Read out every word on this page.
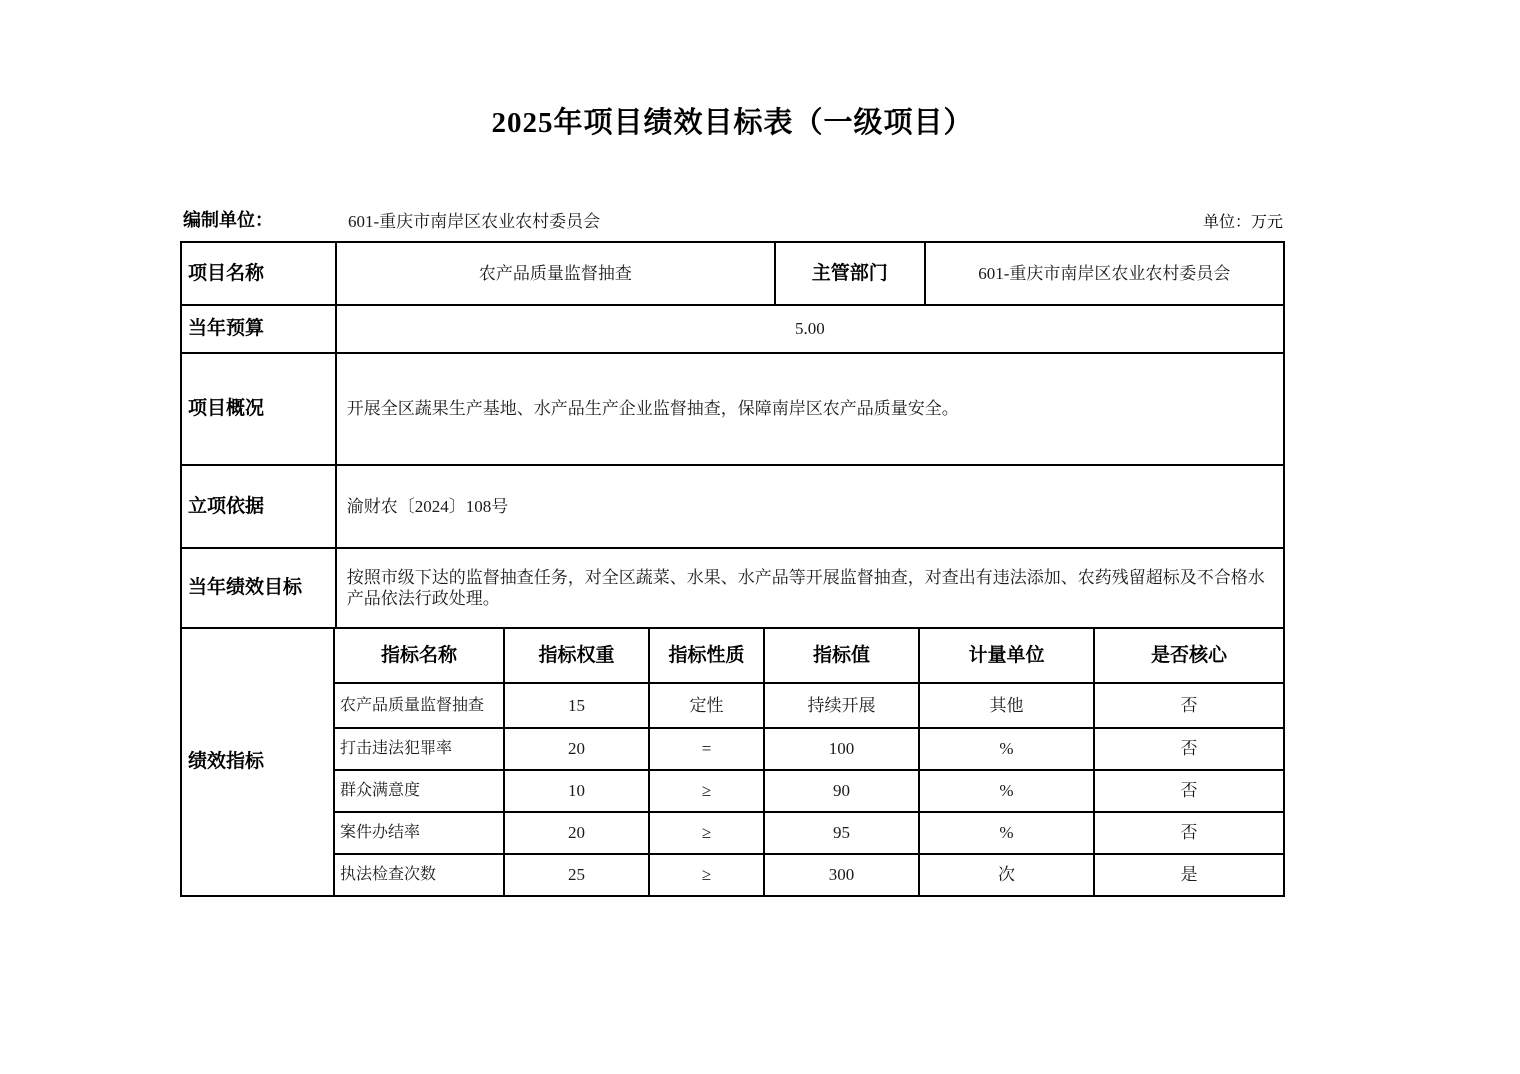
2025年项目绩效目标表（一级项目）
编制单位：	601-重庆市南岸区农业农村委员会	单位：万元
项目名称	农产品质量监督抽查	主管部门	601-重庆市南岸区农业农村委员会
当年预算	5.00
项目概况	开展全区蔬果生产基地、水产品生产企业监督抽查，保障南岸区农产品质量安全。
立项依据	渝财农〔2024〕108号
当年绩效目标	按照市级下达的监督抽查任务，对全区蔬菜、水果、水产品等开展监督抽查，对查出有违法添加、农药残留超标及不合格水产品依法行政处理。
绩效指标
指标名称	指标权重	指标性质	指标值	计量单位	是否核心
农产品质量监督抽查	15	定性	持续开展	其他	否
打击违法犯罪率	20	=	100	%	否
群众满意度	10	≥	90	%	否
案件办结率	20	≥	95	%	否
执法检查次数	25	≥	300	次	是
